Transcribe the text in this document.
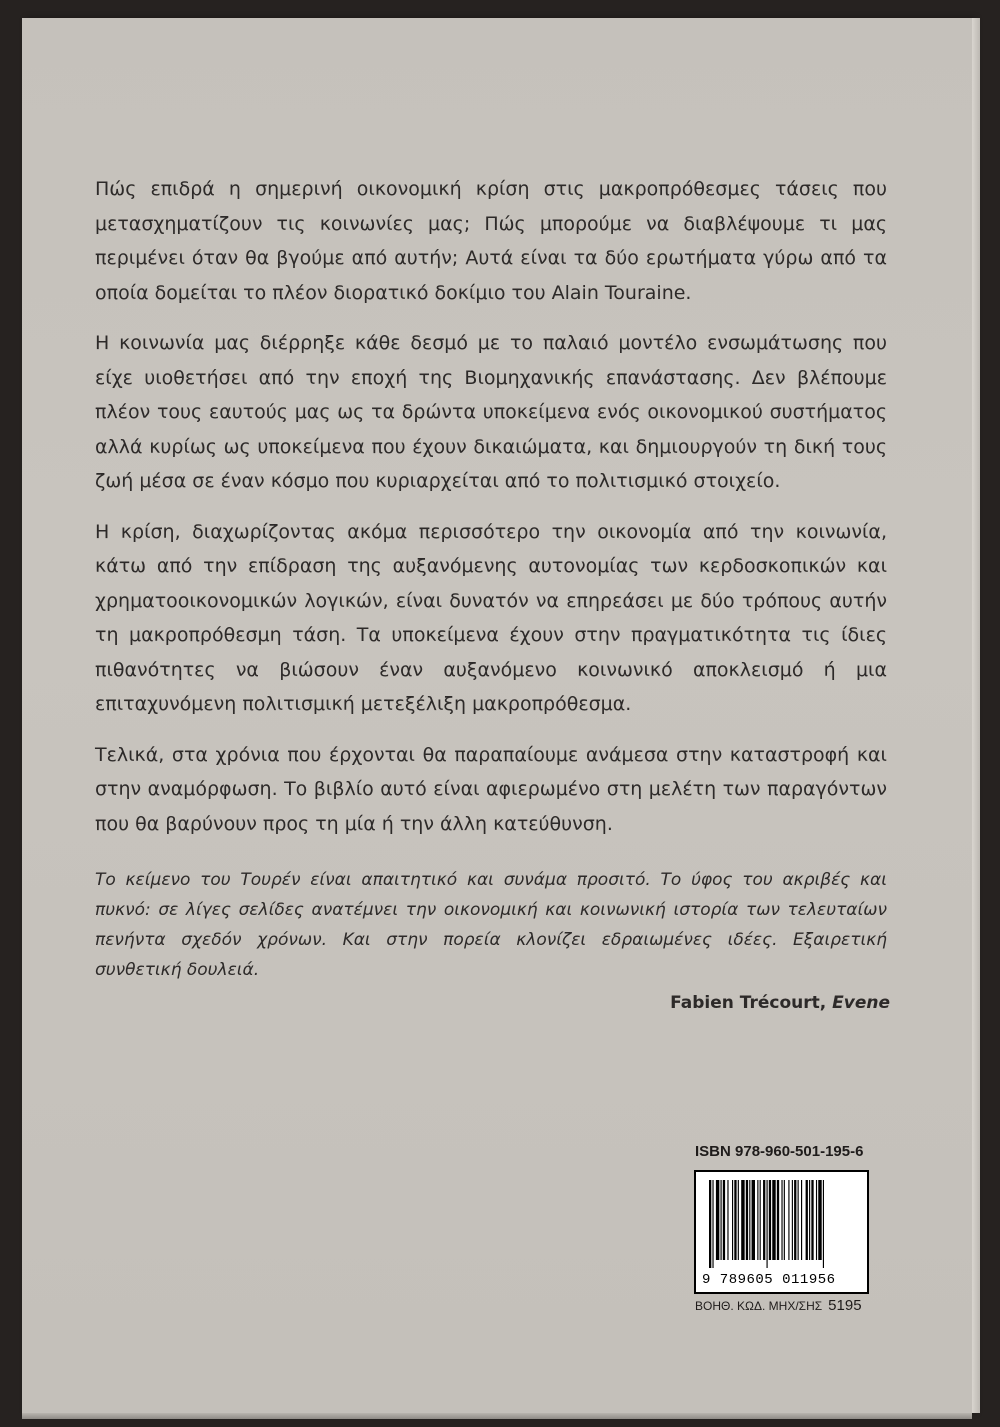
Πώς επιδρά η σημερινή οικονομική κρίση στις μακροπρόθεσμες τάσεις που μετασχηματίζουν τις κοινωνίες μας; Πώς μπορούμε να διαβλέψουμε τι μας περιμένει όταν θα βγούμε από αυτήν; Αυτά είναι τα δύο ερωτήματα γύρω από τα οποία δομείται το πλέον διορατικό δοκίμιο του Alain Touraine.

Η κοινωνία μας διέρρηξε κάθε δεσμό με το παλαιό μοντέλο ενσωμάτωσης που είχε υιοθετήσει από την εποχή της Βιομηχανικής επανάστασης. Δεν βλέπουμε πλέον τους εαυτούς μας ως τα δρώντα υποκείμενα ενός οικονομικού συστήματος αλλά κυρίως ως υποκείμενα που έχουν δικαιώματα, και δημιουργούν τη δική τους ζωή μέσα σε έναν κόσμο που κυριαρχείται από το πολιτισμικό στοιχείο.

Η κρίση, διαχωρίζοντας ακόμα περισσότερο την οικονομία από την κοινωνία, κάτω από την επίδραση της αυξανόμενης αυτονομίας των κερδοσκοπικών και χρηματοοικονομικών λογικών, είναι δυνατόν να επηρεάσει με δύο τρόπους αυτήν τη μακροπρόθεσμη τάση. Τα υποκείμενα έχουν στην πραγματικότητα τις ίδιες πιθανότητες να βιώσουν έναν αυξανόμενο κοινωνικό αποκλεισμό ή μια επιταχυνόμενη πολιτισμική μετεξέλιξη μακροπρόθεσμα.

Τελικά, στα χρόνια που έρχονται θα παραπαίουμε ανάμεσα στην καταστροφή και στην αναμόρφωση. Το βιβλίο αυτό είναι αφιερωμένο στη μελέτη των παραγόντων που θα βαρύνουν προς τη μία ή την άλλη κατεύθυνση.

Το κείμενο του Τουρέν είναι απαιτητικό και συνάμα προσιτό. Το ύφος του ακριβές και πυκνό: σε λίγες σελίδες ανατέμνει την οικονομική και κοινωνική ιστορία των τελευταίων πενήντα σχεδόν χρόνων. Και στην πορεία κλονίζει εδραιωμένες ιδέες. Εξαιρετική συνθετική δουλειά.

Fabien Trécourt, Evene
ISBN 978-960-501-195-6
9 789605 011956
ΒΟΗΘ. ΚΩΔ. ΜΗΧ/ΣΗΣ 5195
